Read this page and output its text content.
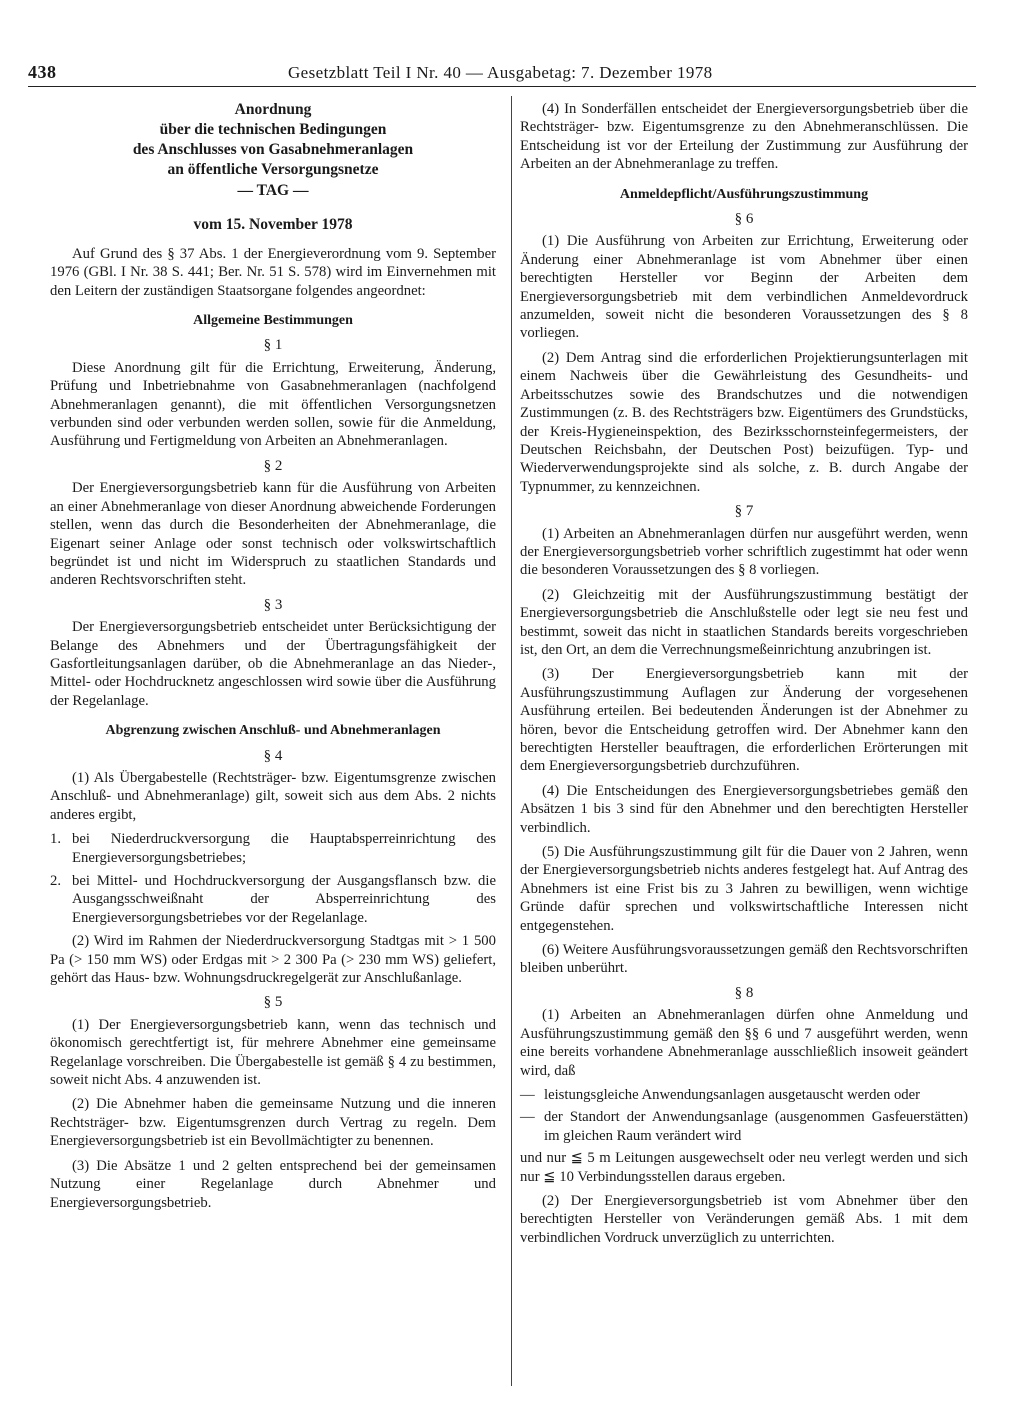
438	Gesetzblatt Teil I Nr. 40 — Ausgabetag: 7. Dezember 1978
Anordnung
über die technischen Bedingungen
des Anschlusses von Gasabnehmeranlagen
an öffentliche Versorgungsnetze
— TAG —
vom 15. November 1978

Auf Grund des § 37 Abs. 1 der Energieverordnung vom 9. September 1976 (GBl. I Nr. 38 S. 441; Ber. Nr. 51 S. 578) wird im Einvernehmen mit den Leitern der zuständigen Staatsorgane folgendes angeordnet:

Allgemeine Bestimmungen
§ 1

Diese Anordnung gilt für die Errichtung, Erweiterung, Änderung, Prüfung und Inbetriebnahme von Gasabnehmeranlagen (nachfolgend Abnehmeranlagen genannt), die mit öffentlichen Versorgungsnetzen verbunden sind oder verbunden werden sollen, sowie für die Anmeldung, Ausführung und Fertigmeldung von Arbeiten an Abnehmeranlagen.

§ 2

Der Energieversorgungsbetrieb kann für die Ausführung von Arbeiten an einer Abnehmeranlage von dieser Anordnung abweichende Forderungen stellen, wenn das durch die Besonderheiten der Abnehmeranlage, die Eigenart seiner Anlage oder sonst technisch oder volkswirtschaftlich begründet ist und nicht im Widerspruch zu staatlichen Standards und anderen Rechtsvorschriften steht.

§ 3

Der Energieversorgungsbetrieb entscheidet unter Berücksichtigung der Belange des Abnehmers und der Übertragungsfähigkeit der Gasfortleitungsanlagen darüber, ob die Abnehmeranlage an das Nieder-, Mittel- oder Hochdrucknetz angeschlossen wird sowie über die Ausführung der Regelanlage.

Abgrenzung zwischen Anschluß- und Abnehmeranlagen
§ 4

(1) Als Übergabestelle (Rechtsträger- bzw. Eigentumsgrenze zwischen Anschluß- und Abnehmeranlage) gilt, soweit sich aus dem Abs. 2 nichts anderes ergibt,

1. bei Niederdruckversorgung die Hauptabsperreinrichtung des Energieversorgungsbetriebes;
2. bei Mittel- und Hochdruckversorgung der Ausgangsflansch bzw. die Ausgangsschweißnaht der Absperreinrichtung des Energieversorgungsbetriebes vor der Regelanlage.

(2) Wird im Rahmen der Niederdruckversorgung Stadtgas mit > 1 500 Pa (> 150 mm WS) oder Erdgas mit > 2 300 Pa (> 230 mm WS) geliefert, gehört das Haus- bzw. Wohnungsdruckregelgerät zur Anschlußanlage.

§ 5

(1) Der Energieversorgungsbetrieb kann, wenn das technisch und ökonomisch gerechtfertigt ist, für mehrere Abnehmer eine gemeinsame Regelanlage vorschreiben. Die Übergabestelle ist gemäß § 4 zu bestimmen, soweit nicht Abs. 4 anzuwenden ist.

(2) Die Abnehmer haben die gemeinsame Nutzung und die inneren Rechtsträger- bzw. Eigentumsgrenzen durch Vertrag zu regeln. Dem Energieversorgungsbetrieb ist ein Bevollmächtigter zu benennen.

(3) Die Absätze 1 und 2 gelten entsprechend bei der gemeinsamen Nutzung einer Regelanlage durch Abnehmer und Energieversorgungsbetrieb.

(4) In Sonderfällen entscheidet der Energieversorgungsbetrieb über die Rechtsträger- bzw. Eigentumsgrenze zu den Abnehmeranschlüssen. Die Entscheidung ist vor der Erteilung der Zustimmung zur Ausführung der Arbeiten an der Abnehmeranlage zu treffen.

Anmeldepflicht/Ausführungszustimmung
§ 6

(1) Die Ausführung von Arbeiten zur Errichtung, Erweiterung oder Änderung einer Abnehmeranlage ist vom Abnehmer über einen berechtigten Hersteller vor Beginn der Arbeiten dem Energieversorgungsbetrieb mit dem verbindlichen Anmeldevordruck anzumelden, soweit nicht die besonderen Voraussetzungen des § 8 vorliegen.

(2) Dem Antrag sind die erforderlichen Projektierungsunterlagen mit einem Nachweis über die Gewährleistung des Gesundheits- und Arbeitsschutzes sowie des Brandschutzes und die notwendigen Zustimmungen (z. B. des Rechtsträgers bzw. Eigentümers des Grundstücks, der Kreis-Hygieneinspektion, des Bezirksschornsteinfegermeisters, der Deutschen Reichsbahn, der Deutschen Post) beizufügen. Typ- und Wiederverwendungsprojekte sind als solche, z. B. durch Angabe der Typnummer, zu kennzeichnen.

§ 7

(1) Arbeiten an Abnehmeranlagen dürfen nur ausgeführt werden, wenn der Energieversorgungsbetrieb vorher schriftlich zugestimmt hat oder wenn die besonderen Voraussetzungen des § 8 vorliegen.

(2) Gleichzeitig mit der Ausführungszustimmung bestätigt der Energieversorgungsbetrieb die Anschlußstelle oder legt sie neu fest und bestimmt, soweit das nicht in staatlichen Standards bereits vorgeschrieben ist, den Ort, an dem die Verrechnungsmeßeinrichtung anzubringen ist.

(3) Der Energieversorgungsbetrieb kann mit der Ausführungszustimmung Auflagen zur Änderung der vorgesehenen Ausführung erteilen. Bei bedeutenden Änderungen ist der Abnehmer zu hören, bevor die Entscheidung getroffen wird. Der Abnehmer kann den berechtigten Hersteller beauftragen, die erforderlichen Erörterungen mit dem Energieversorgungsbetrieb durchzuführen.

(4) Die Entscheidungen des Energieversorgungsbetriebes gemäß den Absätzen 1 bis 3 sind für den Abnehmer und den berechtigten Hersteller verbindlich.

(5) Die Ausführungszustimmung gilt für die Dauer von 2 Jahren, wenn der Energieversorgungsbetrieb nichts anderes festgelegt hat. Auf Antrag des Abnehmers ist eine Frist bis zu 3 Jahren zu bewilligen, wenn wichtige Gründe dafür sprechen und volkswirtschaftliche Interessen nicht entgegenstehen.

(6) Weitere Ausführungsvoraussetzungen gemäß den Rechtsvorschriften bleiben unberührt.

§ 8

(1) Arbeiten an Abnehmeranlagen dürfen ohne Anmeldung und Ausführungszustimmung gemäß den §§ 6 und 7 ausgeführt werden, wenn eine bereits vorhandene Abnehmeranlage ausschließlich insoweit geändert wird, daß

— leistungsgleiche Anwendungsanlagen ausgetauscht werden oder
— der Standort der Anwendungsanlage (ausgenommen Gasfeuerstätten) im gleichen Raum verändert wird
und nur ≦ 5 m Leitungen ausgewechselt oder neu verlegt werden und sich nur ≦ 10 Verbindungsstellen daraus ergeben.

(2) Der Energieversorgungsbetrieb ist vom Abnehmer über den berechtigten Hersteller von Veränderungen gemäß Abs. 1 mit dem verbindlichen Vordruck unverzüglich zu unterrichten.
